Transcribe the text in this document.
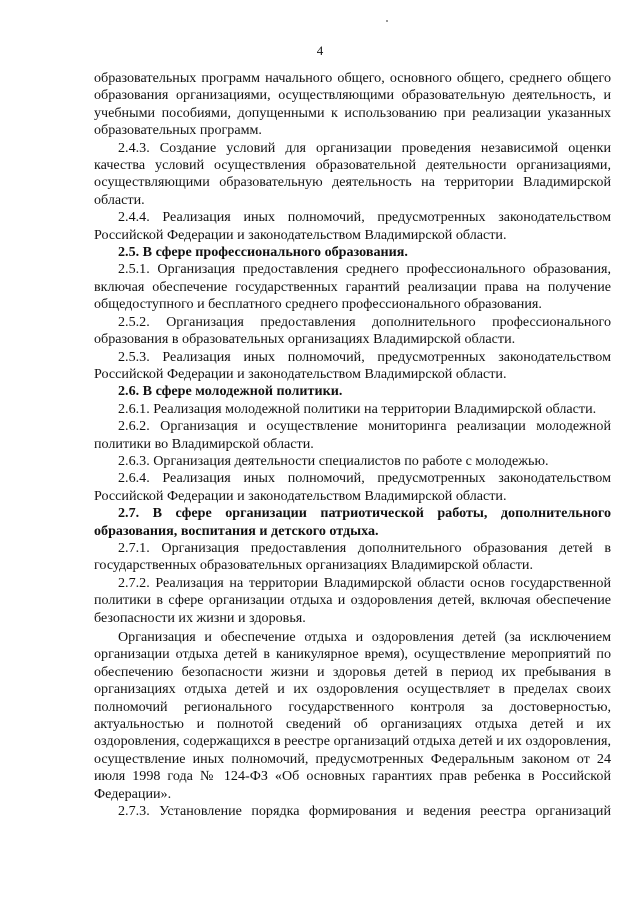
4

образовательных программ начального общего, основного общего, среднего общего образования организациями, осуществляющими образовательную деятельность, и учебными пособиями, допущенными к использованию при реализации указанных образовательных программ.

2.4.3. Создание условий для организации проведения независимой оценки качества условий осуществления образовательной деятельности организациями, осуществляющими образовательную деятельность на территории Владимирской области.

2.4.4. Реализация иных полномочий, предусмотренных законодательством Российской Федерации и законодательством Владимирской области.

2.5. В сфере профессионального образования.

2.5.1. Организация предоставления среднего профессионального образования, включая обеспечение государственных гарантий реализации права на получение общедоступного и бесплатного среднего профессионального образования.

2.5.2. Организация предоставления дополнительного профессионального образования в образовательных организациях Владимирской области.

2.5.3. Реализация иных полномочий, предусмотренных законодательством Российской Федерации и законодательством Владимирской области.

2.6. В сфере молодежной политики.

2.6.1. Реализация молодежной политики на территории Владимирской области.

2.6.2. Организация и осуществление мониторинга реализации молодежной политики во Владимирской области.

2.6.3. Организация деятельности специалистов по работе с молодежью.

2.6.4. Реализация иных полномочий, предусмотренных законодательством Российской Федерации и законодательством Владимирской области.

2.7. В сфере организации патриотической работы, дополнительного образования, воспитания и детского отдыха.

2.7.1. Организация предоставления дополнительного образования детей в государственных образовательных организациях Владимирской области.

2.7.2. Реализация на территории Владимирской области основ государственной политики в сфере организации отдыха и оздоровления детей, включая обеспечение безопасности их жизни и здоровья.

Организация и обеспечение отдыха и оздоровления детей (за исключением организации отдыха детей в каникулярное время), осуществление мероприятий по обеспечению безопасности жизни и здоровья детей в период их пребывания в организациях отдыха детей и их оздоровления осуществляет в пределах своих полномочий регионального государственного контроля за достоверностью, актуальностью и полнотой сведений об организациях отдыха детей и их оздоровления, содержащихся в реестре организаций отдыха детей и их оздоровления, осуществление иных полномочий, предусмотренных Федеральным законом от 24 июля 1998 года № 124-ФЗ «Об основных гарантиях прав ребенка в Российской Федерации».

2.7.3. Установление порядка формирования и ведения реестра организаций
